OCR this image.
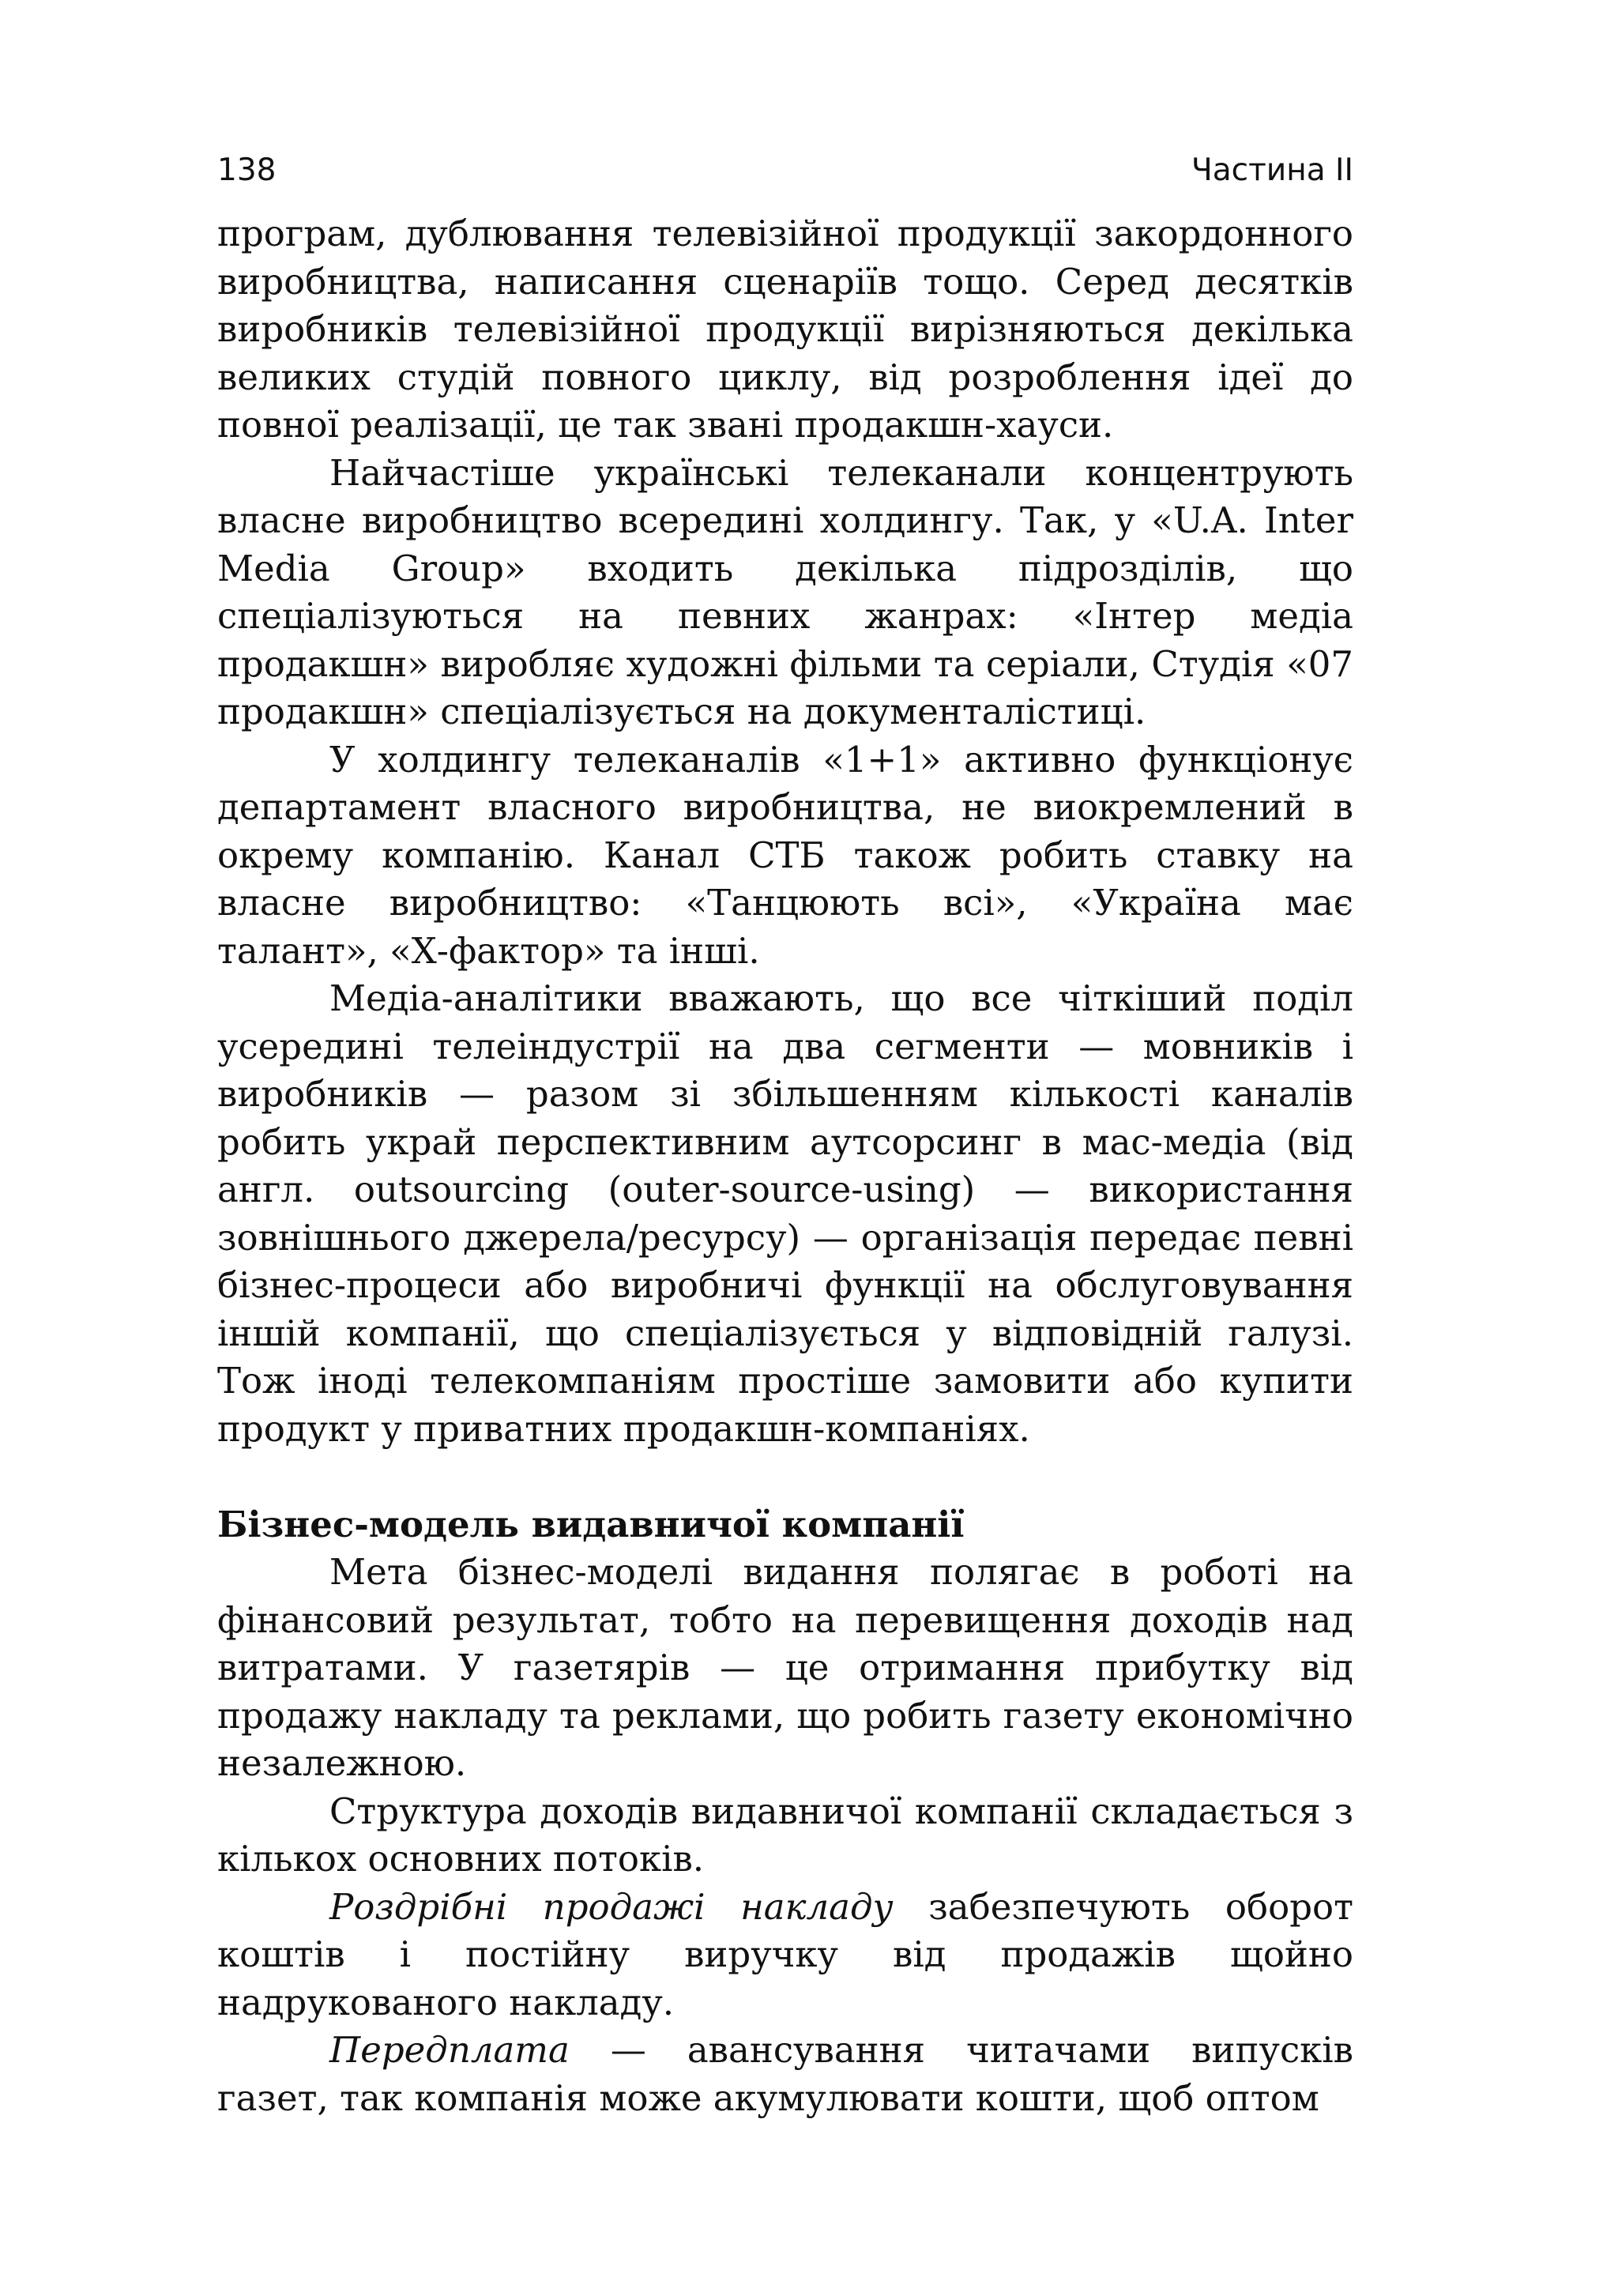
138	Частина II

програм, дублювання телевізійної продукції закордонного виробництва, написання сценаріїв тощо. Серед десятків виробників телевізійної продукції вирізняються декілька великих студій повного циклу, від розроблення ідеї до повної реалізації, це так звані продакшн-хауси.

Найчастіше українські телеканали концентрують власне виробництво всередині холдингу. Так, у «U.A. Inter Media Group» входить декілька підрозділів, що спеціалізуються на певних жанрах: «Інтер медіа продакшн» виробляє художні фільми та серіали, Студія «07 продакшн» спеціалізується на документалістиці.

У холдингу телеканалів «1+1» активно функціонує департамент власного виробництва, не виокремлений в окрему компанію. Канал СТБ також робить ставку на власне виробництво: «Танцюють всі», «Україна має талант», «Х-фактор» та інші.

Медіа-аналітики вважають, що все чіткіший поділ усередині телеіндустрії на два сегменти — мовників і виробників — разом зі збільшенням кількості каналів робить украй перспективним аутсорсинг в мас-медіа (від англ. outsourcing (outer-source-using) — використання зовнішнього джерела/ресурсу) — організація передає певні бізнес-процеси або виробничі функції на обслуговування іншій компанії, що спеціалізується у відповідній галузі. Тож іноді телекомпаніям простіше замовити або купити продукт у приватних продакшн-компаніях.

Бізнес-модель видавничої компанії

Мета бізнес-моделі видання полягає в роботі на фінансовий результат, тобто на перевищення доходів над витратами. У газетярів — це отримання прибутку від продажу накладу та реклами, що робить газету економічно незалежною.

Структура доходів видавничої компанії складається з кількох основних потоків.

Роздрібні продажі накладу забезпечують оборот коштів і постійну виручку від продажів щойно надрукованого накладу.

Передплата — авансування читачами випусків газет, так компанія може акумулювати кошти, щоб оптом
